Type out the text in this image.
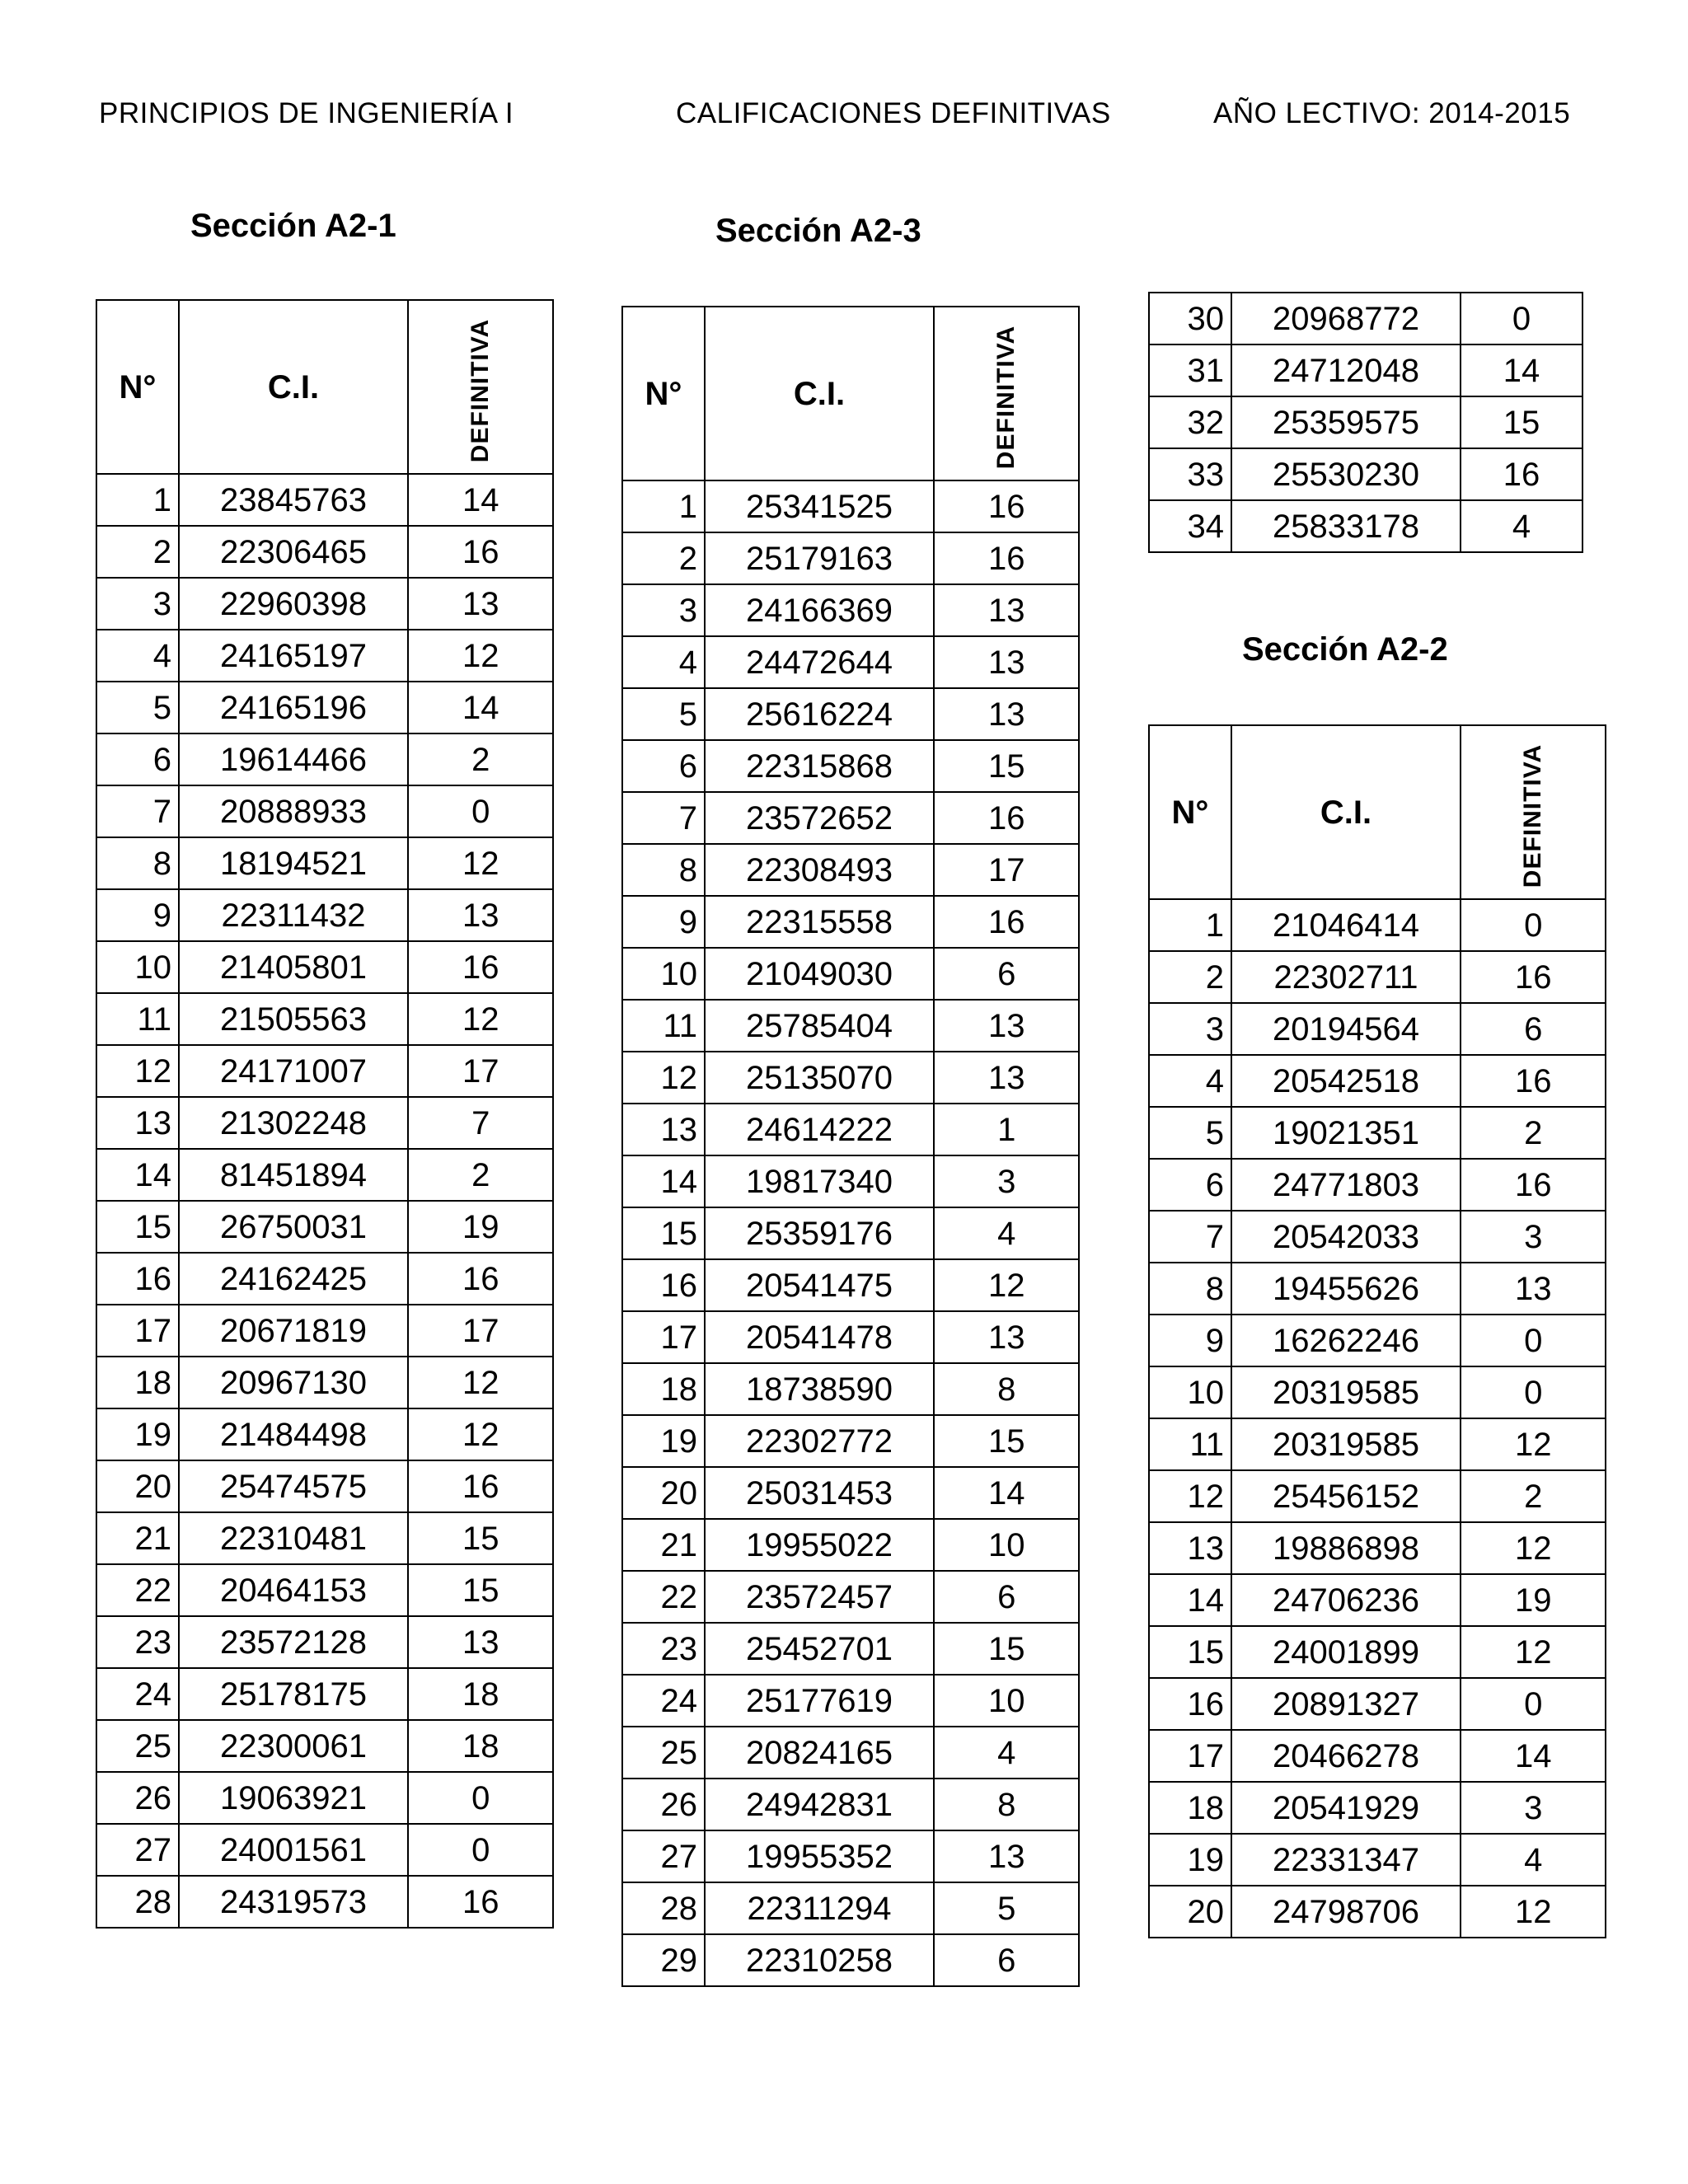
PRINCIPIOS DE INGENIERÍA I	CALIFICACIONES DEFINITIVAS	AÑO LECTIVO: 2014-2015
Sección A2-1	Sección A2-3
Sección A2-2
N°	C.I.	DEFINITIVA
1	23845763	14
2	22306465	16
3	22960398	13
4	24165197	12
5	24165196	14
6	19614466	2
7	20888933	0
8	18194521	12
9	22311432	13
10	21405801	16
11	21505563	12
12	24171007	17
13	21302248	7
14	81451894	2
15	26750031	19
16	24162425	16
17	20671819	17
18	20967130	12
19	21484498	12
20	25474575	16
21	22310481	15
22	20464153	15
23	23572128	13
24	25178175	18
25	22300061	18
26	19063921	0
27	24001561	0
28	24319573	16
N°	C.I.	DEFINITIVA
1	25341525	16
2	25179163	16
3	24166369	13
4	24472644	13
5	25616224	13
6	22315868	15
7	23572652	16
8	22308493	17
9	22315558	16
10	21049030	6
11	25785404	13
12	25135070	13
13	24614222	1
14	19817340	3
15	25359176	4
16	20541475	12
17	20541478	13
18	18738590	8
19	22302772	15
20	25031453	14
21	19955022	10
22	23572457	6
23	25452701	15
24	25177619	10
25	20824165	4
26	24942831	8
27	19955352	13
28	22311294	5
29	22310258	6
30	20968772	0
31	24712048	14
32	25359575	15
33	25530230	16
34	25833178	4
N°	C.I.	DEFINITIVA
1	21046414	0
2	22302711	16
3	20194564	6
4	20542518	16
5	19021351	2
6	24771803	16
7	20542033	3
8	19455626	13
9	16262246	0
10	20319585	0
11	20319585	12
12	25456152	2
13	19886898	12
14	24706236	19
15	24001899	12
16	20891327	0
17	20466278	14
18	20541929	3
19	22331347	4
20	24798706	12
